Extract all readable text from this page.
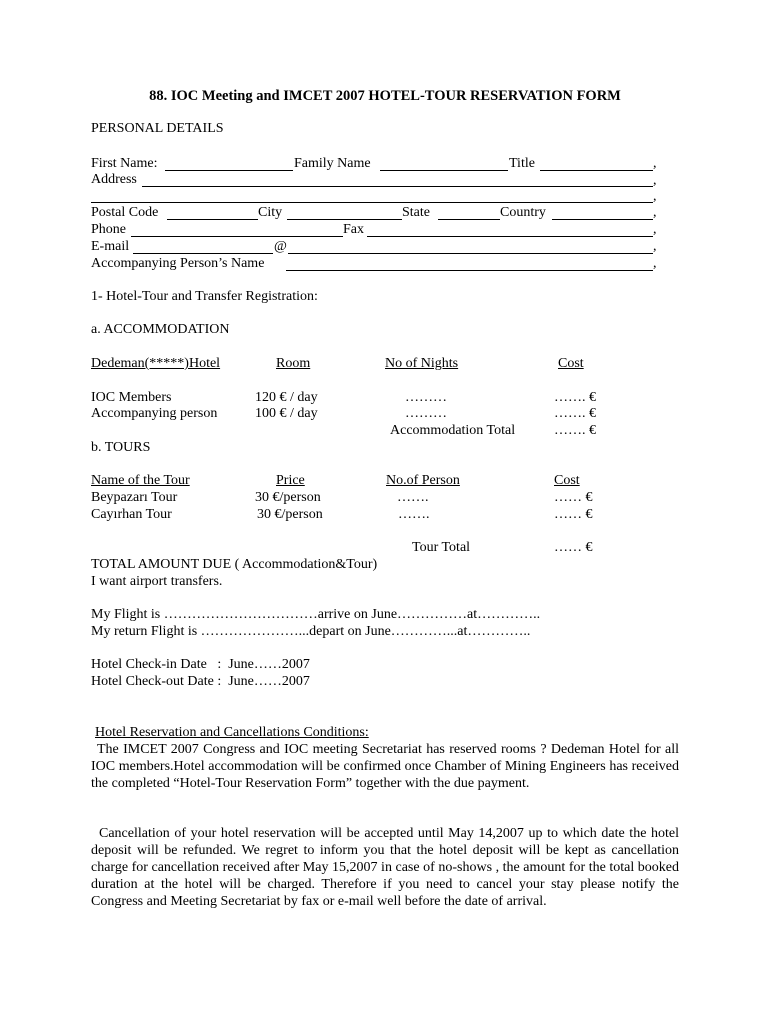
88. IOC Meeting and IMCET 2007 HOTEL-TOUR RESERVATION FORM
PERSONAL DETAILS
First Name:	Family Name	Title	,
Address	,
,
Postal Code	City	State	Country	,
Phone	Fax	,
E-mail	@	,
Accompanying Person’s Name	,
1- Hotel-Tour and Transfer Registration:
a. ACCOMMODATION
Dedeman(*****)Hotel	Room	No of Nights	Cost
IOC Members	120 € / day	………	……. €
Accompanying person	100 € / day	………	……. €
Accommodation Total	……. €
b. TOURS
Name of the Tour	Price	No.of Person	Cost
Beypazarı Tour	30 €/person	…….	…… €
Cayırhan Tour	30 €/person	…….	…… €
Tour Total	…… €
TOTAL AMOUNT DUE ( Accommodation&Tour)
I want airport transfers.
My Flight is ……………………………arrive on June……………at…………..
My return Flight is …………………...depart on June…………...at…………..
Hotel Check-in Date   :  June……2007
Hotel Check-out Date :  June……2007
Hotel Reservation and Cancellations Conditions:
The IMCET 2007 Congress and IOC meeting Secretariat has reserved rooms ? Dedeman Hotel for all IOC members.Hotel accommodation will be confirmed once Chamber of Mining Engineers has received the completed “Hotel-Tour Reservation Form” together with the due payment.
Cancellation of your hotel reservation will be accepted until May 14,2007 up to which date the hotel deposit will be refunded. We regret to inform you that the hotel deposit will be kept as cancellation charge for cancellation received after May 15,2007 in case of no-shows , the amount for the total booked duration at the hotel will be charged. Therefore if you need to cancel your stay please notify the Congress and Meeting Secretariat by fax or e-mail well before the date of arrival.
